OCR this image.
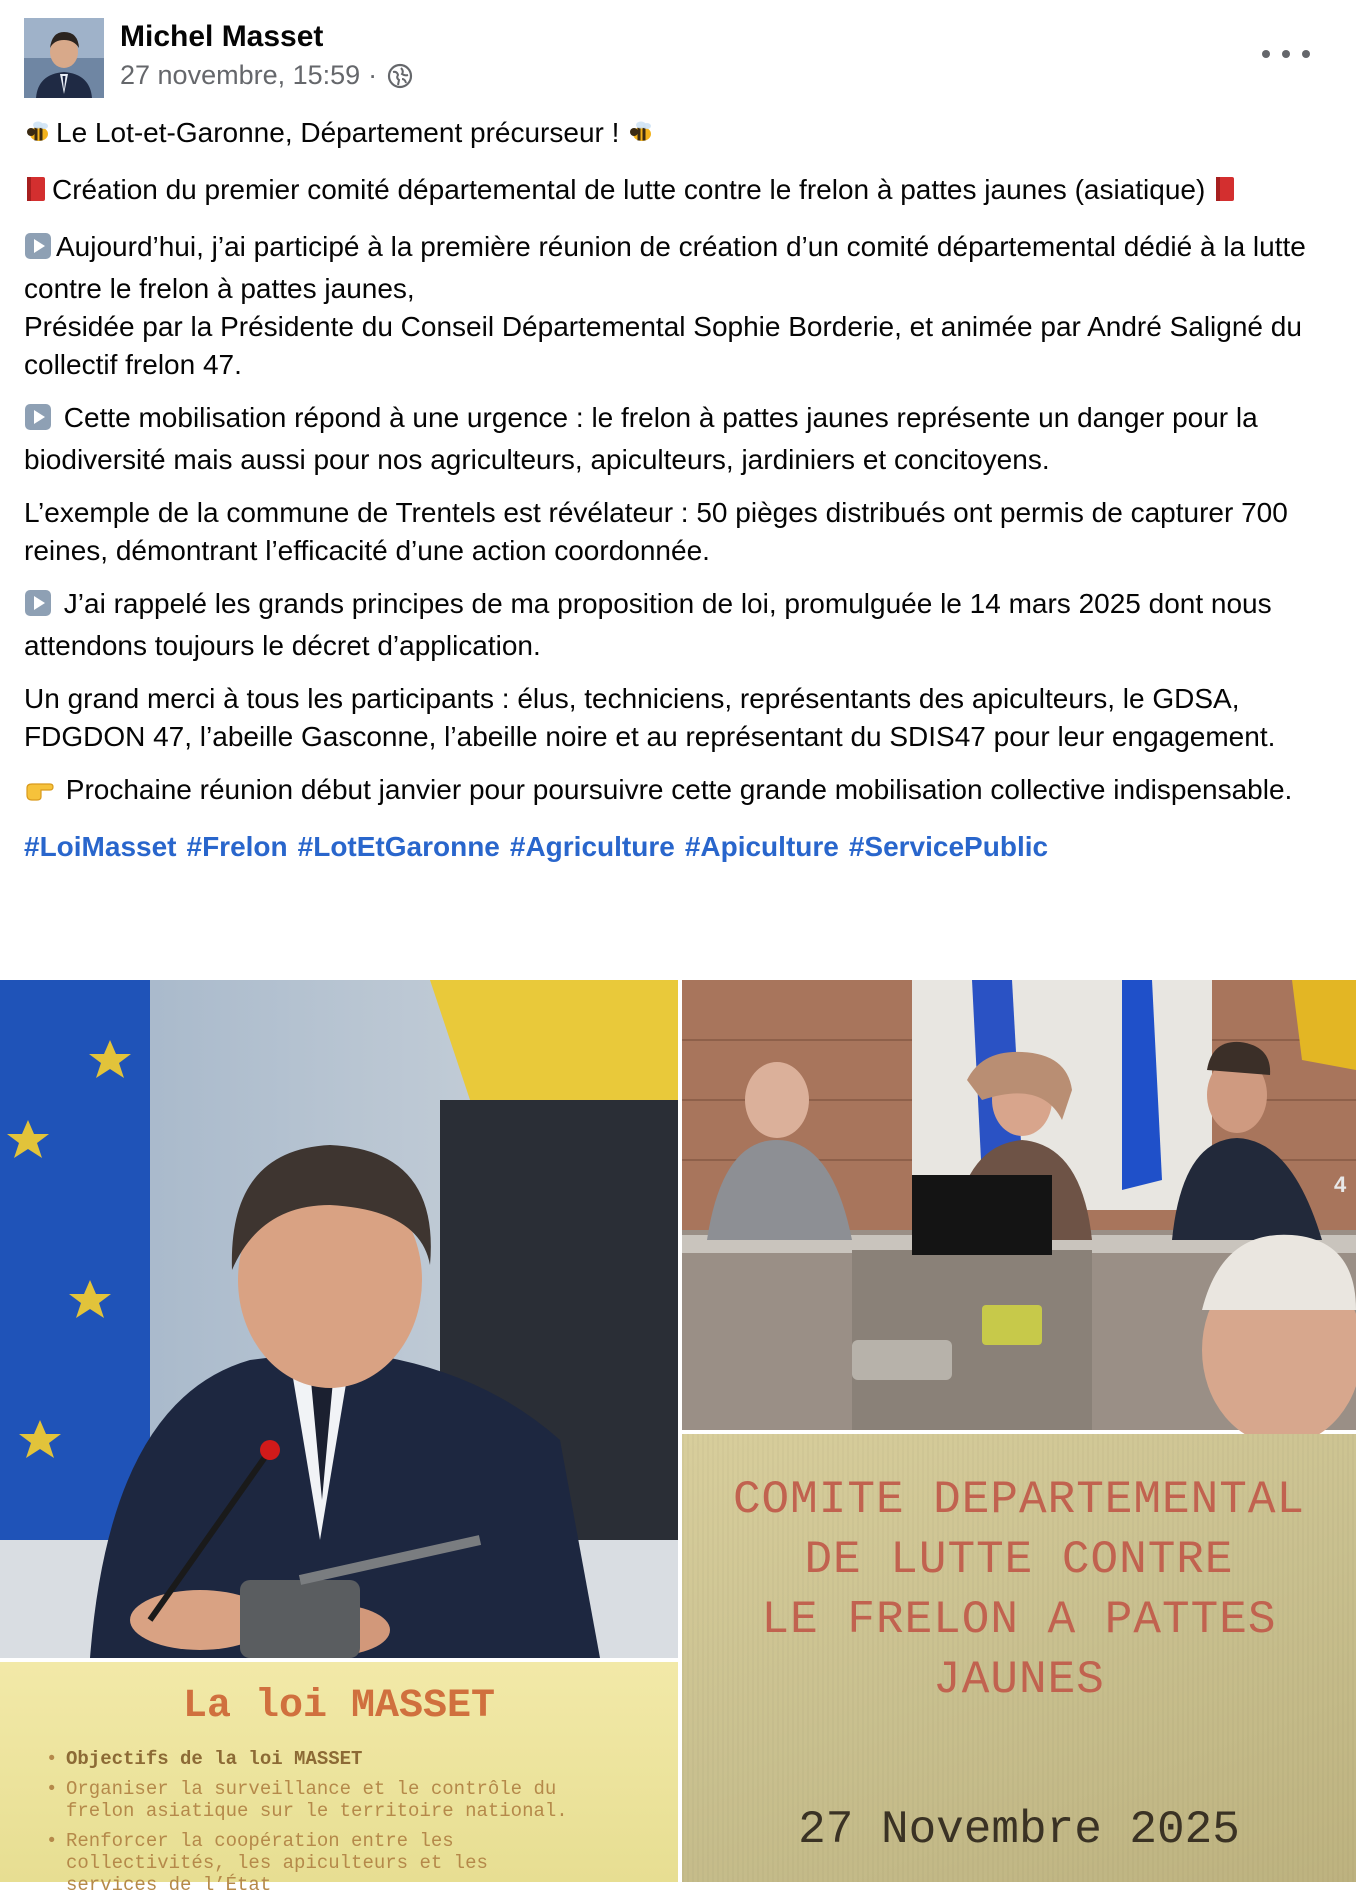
Michel Masset
27 novembre, 15:59 ·

Le Lot-et-Garonne, Département précurseur !

Création du premier comité départemental de lutte contre le frelon à pattes jaunes (asiatique)

Aujourd’hui, j’ai participé à la première réunion de création d’un comité départemental dédié à la lutte contre le frelon à pattes jaunes,
Présidée par la Présidente du Conseil Départemental Sophie Borderie, et animée par André Saligné du collectif frelon 47.

Cette mobilisation répond à une urgence : le frelon à pattes jaunes représente un danger pour la biodiversité mais aussi pour nos agriculteurs, apiculteurs, jardiniers et concitoyens.

L’exemple de la commune de Trentels est révélateur : 50 pièges distribués ont permis de capturer 700 reines, démontrant l’efficacité d’une action coordonnée.

J’ai rappelé les grands principes de ma proposition de loi, promulguée le 14 mars 2025 dont nous attendons toujours le décret d’application.

Un grand merci à tous les participants : élus, techniciens, représentants des apiculteurs, le GDSA, FDGDON 47, l’abeille Gasconne, l’abeille noire et au représentant du SDIS47 pour leur engagement.

Prochaine réunion début janvier pour poursuivre cette grande mobilisation collective indispensable.

#LoiMasset #Frelon #LotEtGaronne #Agriculture #Apiculture #ServicePublic

4
La loi MASSET
• Objectifs de la loi MASSET
• Organiser la surveillance et le contrôle du
frelon asiatique sur le territoire national.
• Renforcer la coopération entre les
collectivités, les apiculteurs et les
services de l’État
COMITE DEPARTEMENTAL
DE LUTTE CONTRE
LE FRELON A PATTES
JAUNES
27 Novembre 2025
